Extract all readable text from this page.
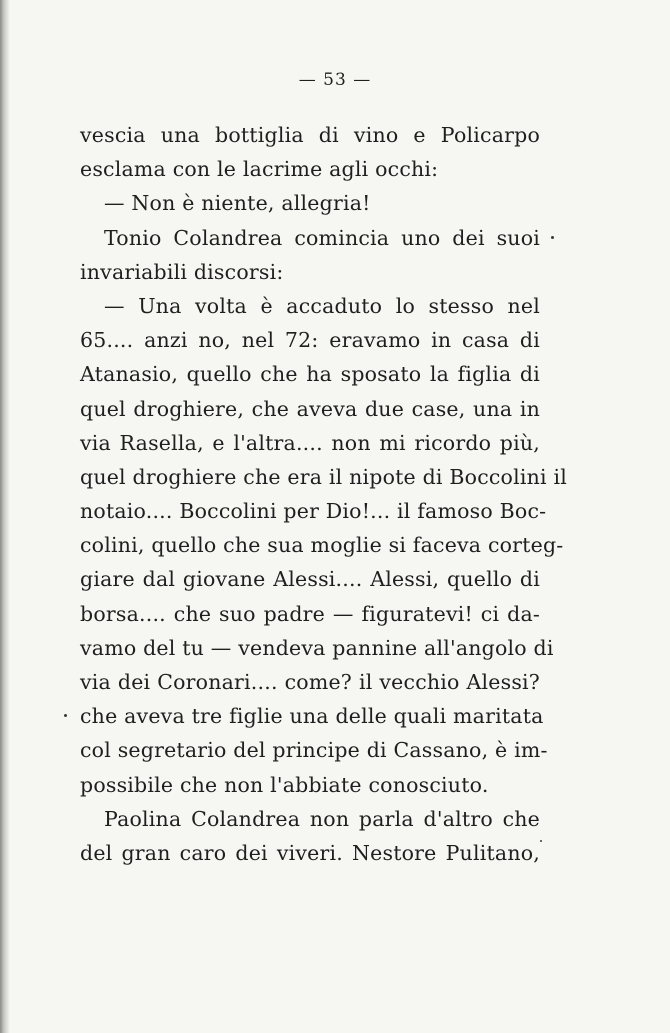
— 53 —
vescia una bottiglia di vino e Policarpo
esclama con le lacrime agli occhi:
— Non è niente, allegria!
Tonio Colandrea comincia uno dei suoi
invariabili discorsi:
— Una volta è accaduto lo stesso nel
65.... anzi no, nel 72: eravamo in casa di
Atanasio, quello che ha sposato la figlia di
quel droghiere, che aveva due case, una in
via Rasella, e l'altra.... non mi ricordo più,
quel droghiere che era il nipote di Boccolini il
notaio.... Boccolini per Dio!... il famoso Boc-
colini, quello che sua moglie si faceva corteg-
giare dal giovane Alessi.... Alessi, quello di
borsa.... che suo padre — figuratevi! ci da-
vamo del tu — vendeva pannine all'angolo di
via dei Coronari.... come? il vecchio Alessi?
che aveva tre figlie una delle quali maritata
col segretario del principe di Cassano, è im-
possibile che non l'abbiate conosciuto.
Paolina Colandrea non parla d'altro che
del gran caro dei viveri. Nestore Pulitano,
